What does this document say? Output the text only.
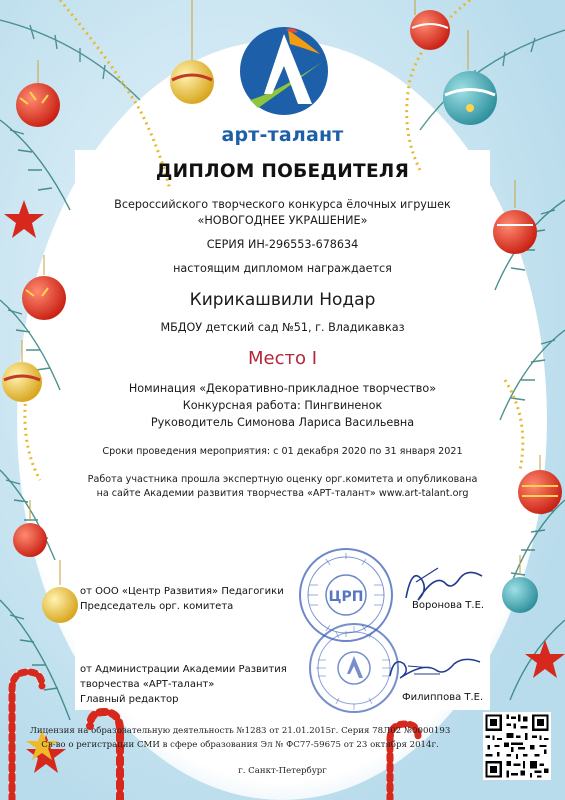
арт-талант
ДИПЛОМ ПОБЕДИТЕЛЯ
Всероссийского творческого конкурса ёлочных игрушек
«НОВОГОДНЕЕ УКРАШЕНИЕ»
СЕРИЯ ИН-296553-678634
настоящим дипломом награждается
Кирикашвили Нодар
МБДОУ детский сад №51, г. Владикавказ
Место I
Номинация «Декоративно-прикладное творчество»
Конкурсная работа: Пингвиненок
Руководитель Симонова Лариса Васильевна
Сроки проведения мероприятия: с 01 декабря 2020 по 31 января 2021
Работа участника прошла экспертную оценку орг.комитета и опубликована
на сайте Академии развития творчества «АРТ-талант» www.art-talant.org
от ООО «Центр Развития» Педагогики
Председатель орг. комитета
ЦРП
Воронова Т.Е.
от Администрации Академии Развития
творчества «АРТ-талант»
Главный редактор	Филиппова Т.Е.
Лицензия на образовательную деятельность №1283 от 21.01.2015г. Серия 78Л02 №0000193
Св-во о регистрации СМИ в сфере образования Эл № ФС77-59675 от 23 октября 2014г.
г. Санкт-Петербург
